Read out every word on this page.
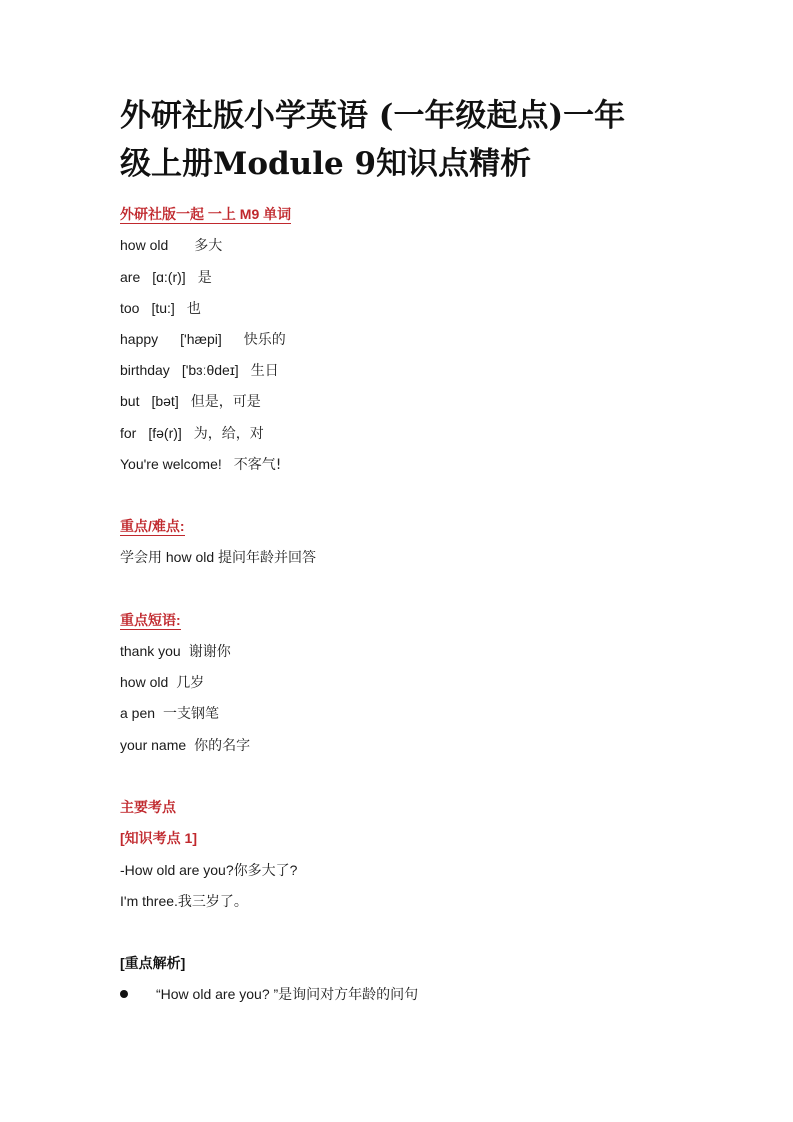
外研社版小学英语 (一年级起点)一年
级上册Module 9知识点精析
外研社版一起 一上 M9 单词
how old 多大
are [ɑ:(r)] 是
too [tu:] 也
happy ['hæpi] 快乐的
birthday ['bɜːθdeɪ] 生日
but [bət] 但是，可是
for [fə(r)] 为，给，对
You're welcome! 不客气!
重点/难点:
学会用 how old 提问年龄并回答
重点短语:
thank you 谢谢你
how old 几岁
a pen 一支钢笔
your name 你的名字
主要考点
[知识考点 1]
-How old are you?你多大了?
I'm three.我三岁了。
[重点解析]
“How old are you? ”是询问对方年龄的问句
